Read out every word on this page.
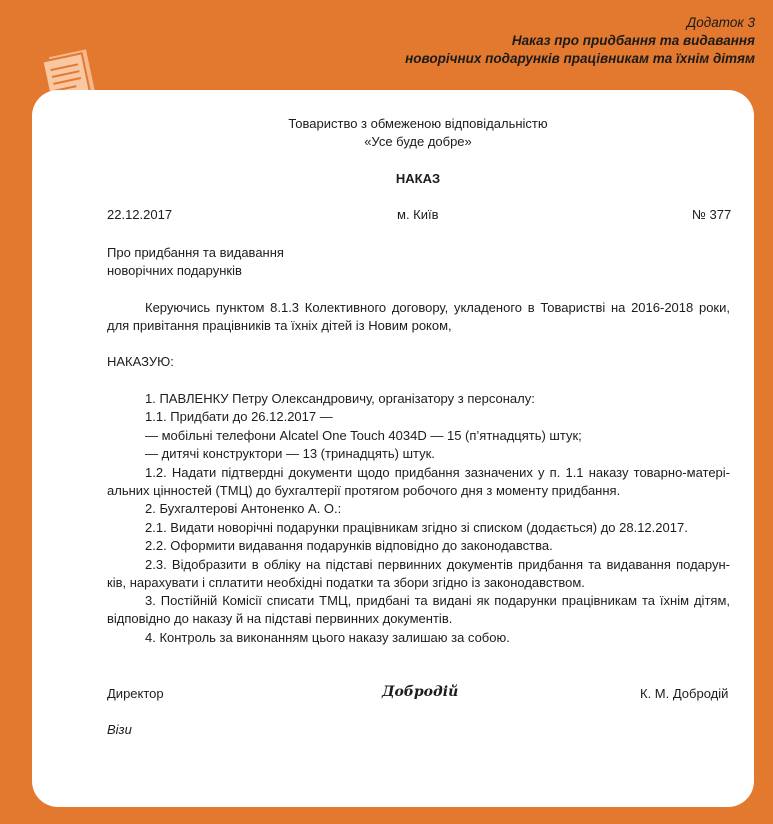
Додаток 3
Наказ про придбання та видавання
новорічних подарунків працівникам та їхнім дітям
Товариство з обмеженою відповідальністю
«Усе буде добре»
НАКАЗ
22.12.2017	м. Київ	№ 377
Про придбання та видавання
новорічних подарунків
Керуючись пунктом 8.1.3 Колективного договору, укладеного в Товаристві на 2016-2018 роки,
для привітання працівників та їхніх дітей із Новим роком,
НАКАЗУЮ:
1. ПАВЛЕНКУ Петру Олександровичу, організатору з персоналу:
1.1. Придбати до 26.12.2017 —
— мобільні телефони Alcatel One Touch 4034D — 15 (п’ятнадцять) штук;
— дитячі конструктори — 13 (тринадцять) штук.
1.2. Надати підтвердні документи щодо придбання зазначених у п. 1.1 наказу товарно-матері-
альних цінностей (ТМЦ) до бухгалтерії протягом робочого дня з моменту придбання.
2. Бухгалтерові Антоненко А. О.:
2.1. Видати новорічні подарунки працівникам згідно зі списком (додається) до 28.12.2017.
2.2. Оформити видавання подарунків відповідно до законодавства.
2.3. Відобразити в обліку на підставі первинних документів придбання та видавання подарун-
ків, нарахувати і сплатити необхідні податки та збори згідно із законодавством.
3. Постійній Комісії списати ТМЦ, придбані та видані як подарунки працівникам та їхнім дітям,
відповідно до наказу й на підставі первинних документів.
4. Контроль за виконанням цього наказу залишаю за собою.
Директор	Добродій	К. М. Добродій
Візи
